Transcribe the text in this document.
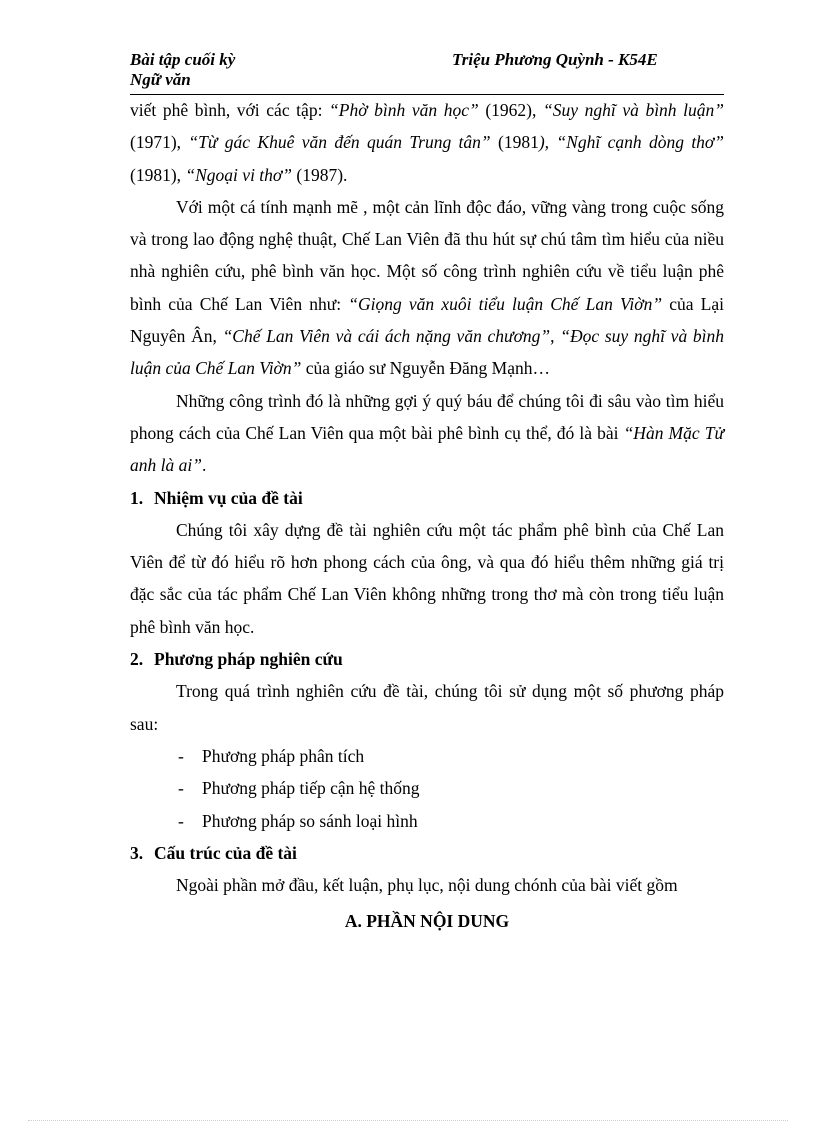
Bài tập cuối kỳ
Ngữ văn
Triệu Phương Quỳnh - K54E

viết phê bình, với các tập: “Phờ bình văn học” (1962), “Suy nghĩ và bình luận” (1971), “Từ gác Khuê văn đến quán Trung tân” (1981), “Nghĩ cạnh dòng thơ” (1981), “Ngoại vi thơ” (1987).

Với một cá tính mạnh mẽ , một cản lĩnh độc đáo, vững vàng trong cuộc sống và trong lao động nghệ thuật, Chế Lan Viên đã thu hút sự chú tâm tìm hiểu của niều nhà nghiên cứu, phê bình văn học. Một số công trình nghiên cứu về tiểu luận phê bình của Chế Lan Viên như: “Giọng văn xuôi tiểu luận Chế Lan Viờn” của Lại Nguyên Ân, “Chế Lan Viên và cái ách nặng văn chương”, “Đọc suy nghĩ và bình luận của Chế Lan Viờn” của giáo sư Nguyễn Đăng Mạnh…

Những công trình đó là những gợi ý quý báu để chúng tôi đi sâu vào tìm hiểu phong cách của Chế Lan Viên qua một bài phê bình cụ thể, đó là bài “Hàn Mặc Tử anh là ai”.

1. Nhiệm vụ của đề tài

Chúng tôi xây dựng đề tài nghiên cứu một tác phẩm phê bình của Chế Lan Viên để từ đó hiểu rõ hơn phong cách của ông, và qua đó hiểu thêm những giá trị đặc sắc của tác phẩm Chế Lan Viên không những trong thơ mà còn trong tiểu luận phê bình văn học.

2. Phương pháp nghiên cứu

Trong quá trình nghiên cứu đề tài, chúng tôi sử dụng một số phương pháp sau:

- Phương pháp phân tích

- Phương pháp tiếp cận hệ thống

- Phương pháp so sánh loại hình

3. Cấu trúc của đề tài

Ngoài phần mở đầu, kết luận, phụ lục, nội dung chónh của bài viết gồm

A. PHẦN NỘI DUNG
